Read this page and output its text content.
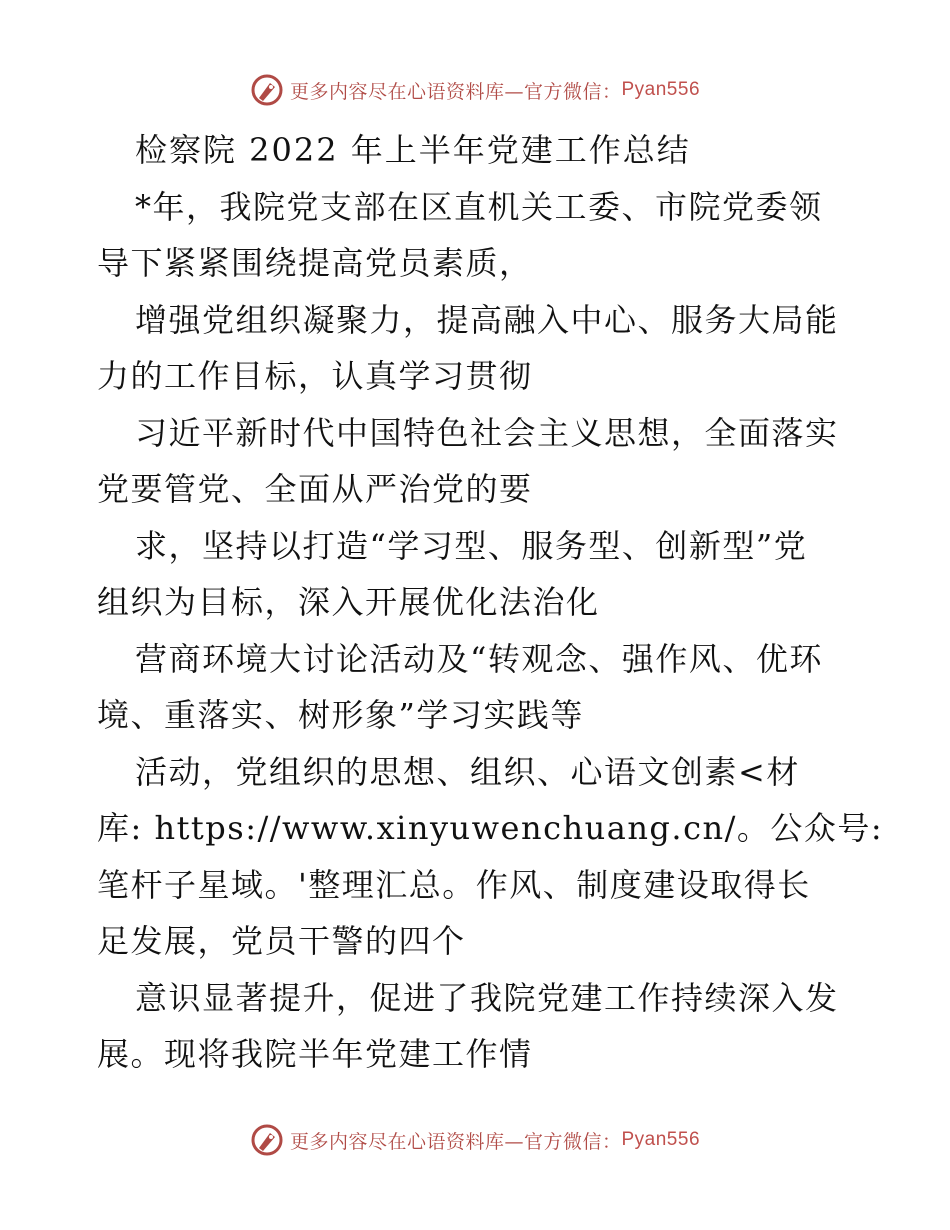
更多内容尽在心语资料库—官方微信： Pyan556
检察院 2022 年上半年党建工作总结
*年，我院党支部在区直机关工委、市院党委领
导下紧紧围绕提高党员素质，
增强党组织凝聚力，提高融入中心、服务大局能
力的工作目标，认真学习贯彻
习近平新时代中国特色社会主义思想，全面落实
党要管党、全面从严治党的要
求，坚持以打造“学习型、服务型、创新型”党
组织为目标，深入开展优化法治化
营商环境大讨论活动及“转观念、强作风、优环
境、重落实、树形象”学习实践等
活动，党组织的思想、组织、心语文创素<材
库: https://www.xinyuwenchuang.cn/。公众号:
笔杆子星域。'整理汇总。作风、制度建设取得长
足发展，党员干警的四个
意识显著提升，促进了我院党建工作持续深入发
展。现将我院半年党建工作情
更多内容尽在心语资料库—官方微信： Pyan556
